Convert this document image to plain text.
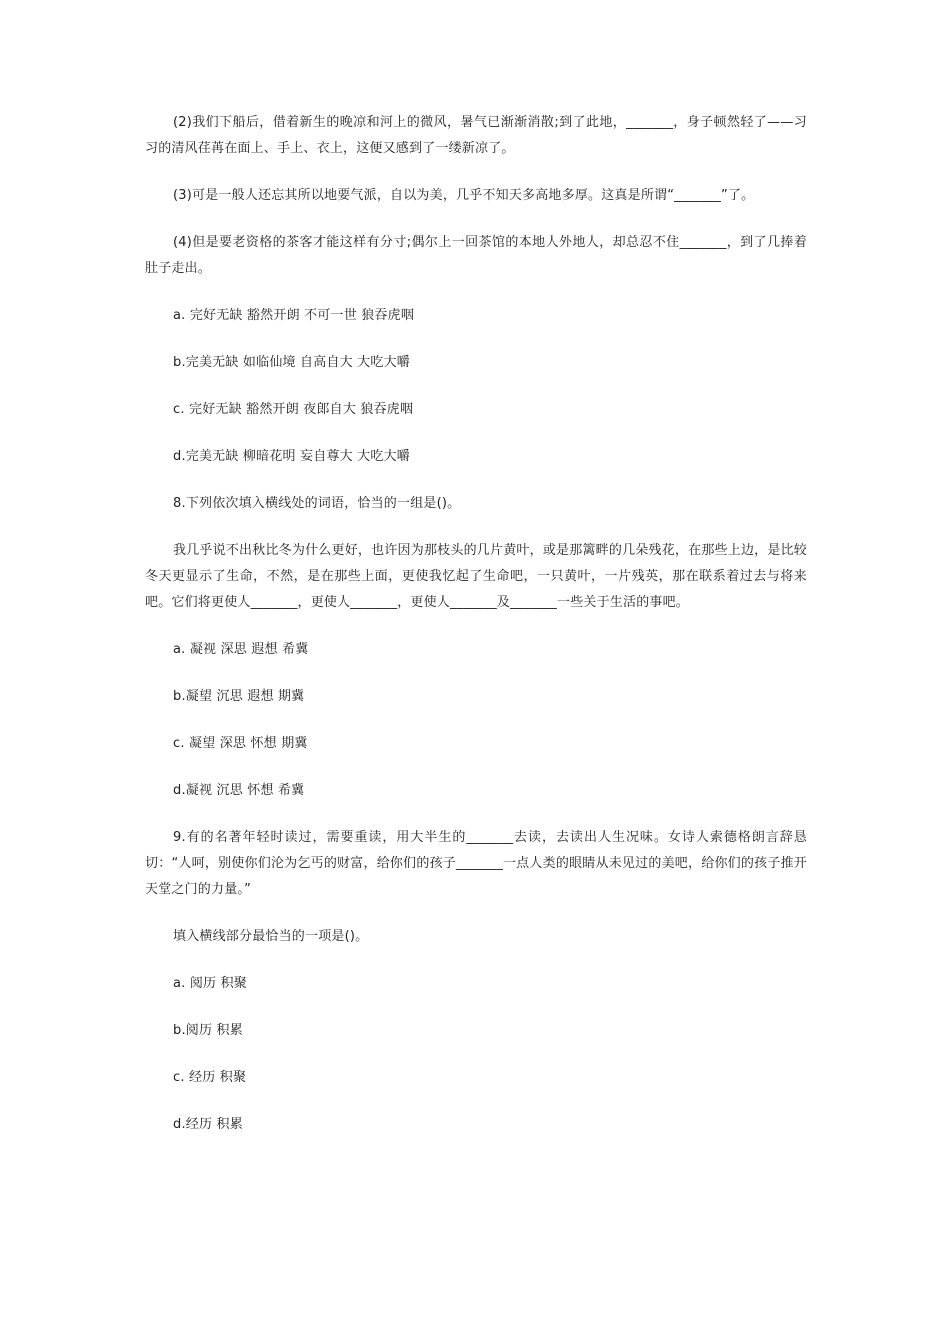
(2)我们下船后，借着新生的晚凉和河上的微风，暑气已渐渐消散;到了此地，_______，身子顿然轻了——习习的清风荏苒在面上、手上、衣上，这便又感到了一缕新凉了。

(3)可是一般人还忘其所以地要气派，自以为美，几乎不知天多高地多厚。这真是所谓“_______”了。

(4)但是要老资格的茶客才能这样有分寸;偶尔上一回茶馆的本地人外地人，却总忍不住_______，到了几捧着肚子走出。

a. 完好无缺 豁然开朗 不可一世 狼吞虎咽

b.完美无缺 如临仙境 自高自大 大吃大嚼

c. 完好无缺 豁然开朗 夜郎自大 狼吞虎咽

d.完美无缺 柳暗花明 妄自尊大 大吃大嚼

8.下列依次填入横线处的词语，恰当的一组是()。

我几乎说不出秋比冬为什么更好，也许因为那枝头的几片黄叶，或是那篱畔的几朵残花，在那些上边，是比较冬天更显示了生命，不然，是在那些上面，更使我忆起了生命吧，一只黄叶，一片残英，那在联系着过去与将来吧。它们将更使人_______，更使人_______，更使人_______及_______一些关于生活的事吧。

a. 凝视 深思 遐想 希冀

b.凝望 沉思 遐想 期冀

c. 凝望 深思 怀想 期冀

d.凝视 沉思 怀想 希冀

9.有的名著年轻时读过，需要重读，用大半生的_______去读，去读出人生况味。女诗人索德格朗言辞恳切：“人呵，别使你们沦为乞丐的财富，给你们的孩子_______一点人类的眼睛从未见过的美吧，给你们的孩子推开天堂之门的力量。”

填入横线部分最恰当的一项是()。

a. 阅历 积聚

b.阅历 积累

c. 经历 积聚

d.经历 积累
